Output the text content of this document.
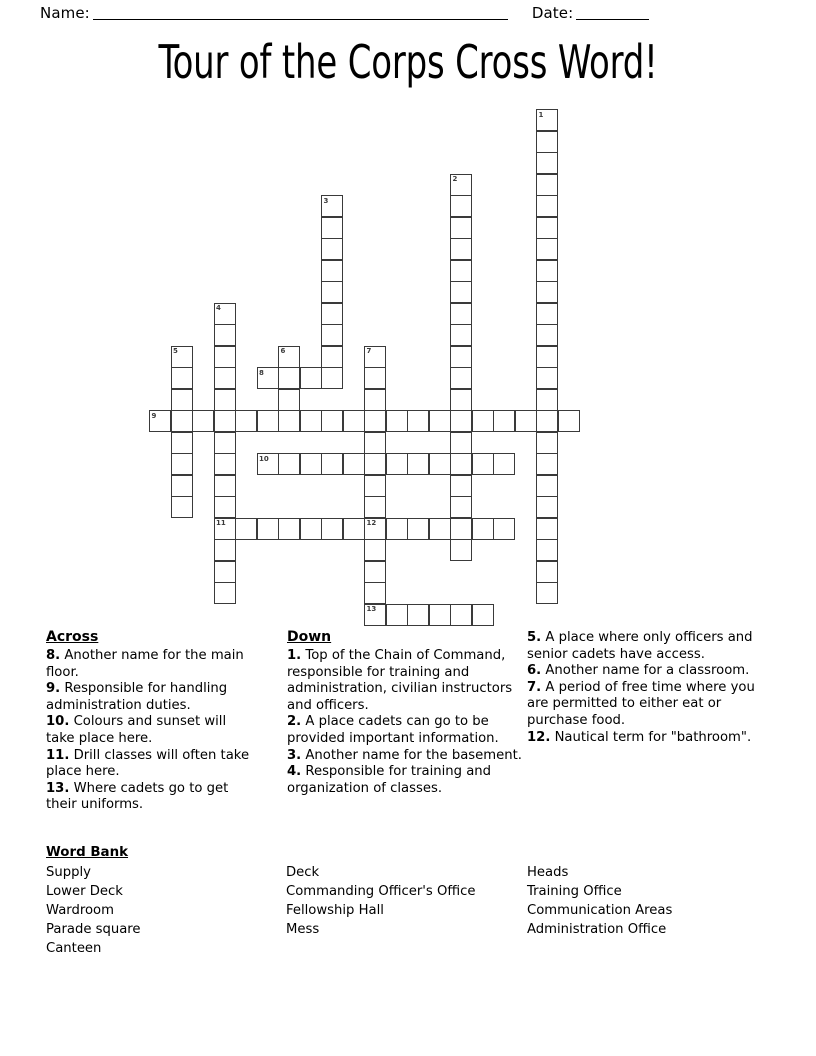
Name:	Date:
Tour of the Corps Cross Word!
1
2
3
4
5	6	7
8
9
10
11	12
13
Across
8. Another name for the main floor.
9. Responsible for handling administration duties.
10. Colours and sunset will take place here.
11. Drill classes will often take place here.
13. Where cadets go to get their uniforms.
Down
1. Top of the Chain of Command, responsible for training and administration, civilian instructors and officers.
2. A place cadets can go to be provided important information.
3. Another name for the basement.
4. Responsible for training and organization of classes.
5. A place where only officers and senior cadets have access.
6. Another name for a classroom.
7. A period of free time where you are permitted to either eat or purchase food.
12. Nautical term for "bathroom".
Word Bank
Supply
Lower Deck
Wardroom
Parade square
Canteen
Deck
Commanding Officer's Office
Fellowship Hall
Mess
Heads
Training Office
Communication Areas
Administration Office
